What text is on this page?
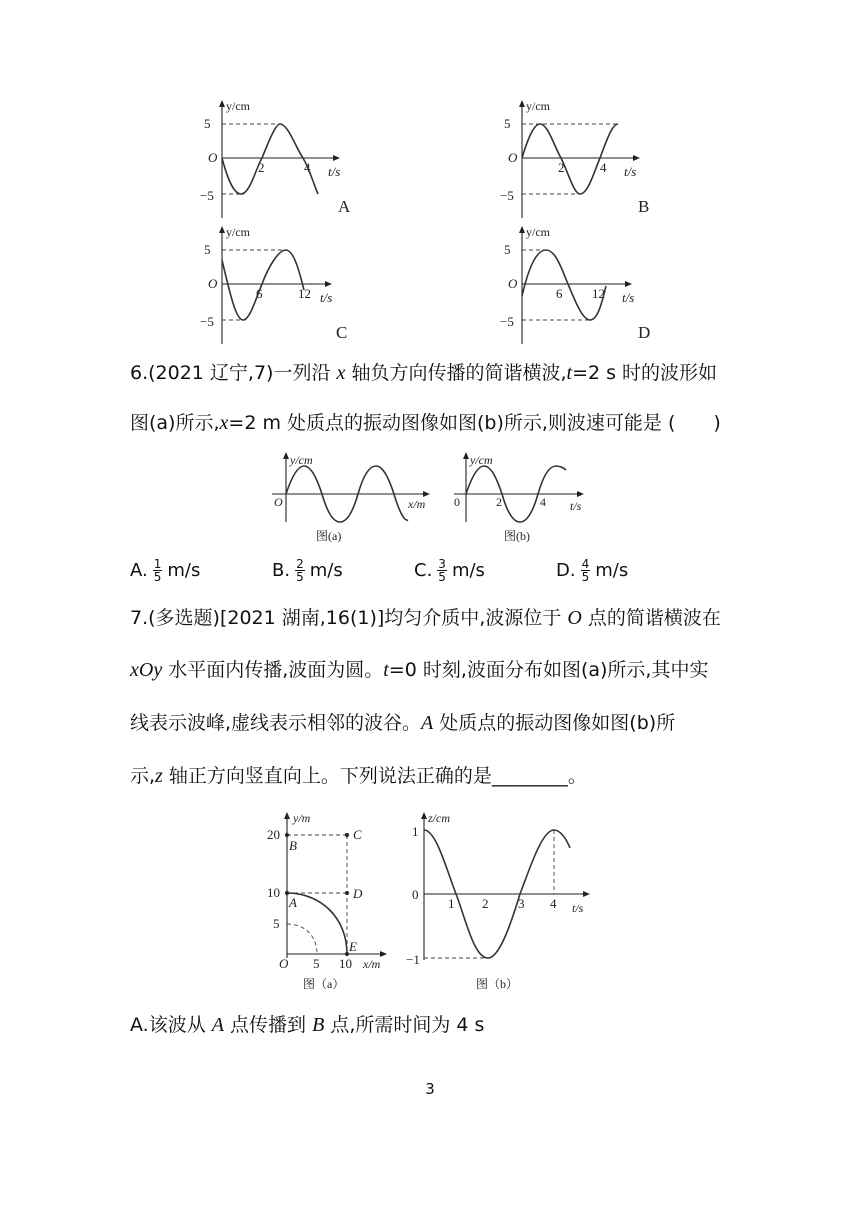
y/cm
5
−5
O
2	4 t/s
A
y/cm
5
−5
O
2	4 t/s
B
y/cm
5
−5
O
6	12 t/s
C
y/cm
5
−5
O
6 12 t/s
D
6.(2021 辽宁,7)一列沿 x 轴负方向传播的简谐横波,t=2 s 时的波形如
图(a)所示,x=2 m 处质点的振动图像如图(b)所示,则波速可能是 (　　)
y/cm
O	x/m
图(a)
y/cm
0	2	4 t/s
图(b)
A. $\frac{1}{5} m/s$	B. $\frac{2}{5} m/s$	C. $\frac{3}{5} m/s$	D. $\frac{4}{5} m/s$
7.(多选题)[2021 湖南,16(1)]均匀介质中,波源位于 O 点的简谐横波在
xOy 水平面内传播,波面为圆。t=0 时刻,波面分布如图(a)所示,其中实
线表示波峰,虚线表示相邻的波谷。A 处质点的振动图像如图(b)所
示,z 轴正方向竖直向上。下列说法正确的是________。
y/m
20
10
5
O 5 10 x/m
B
C
A
D
E
图（a）
z/cm
1
−1
0
1 2 3 4 t/s
图（b）
A.该波从 A 点传播到 B 点,所需时间为 4 s
3
